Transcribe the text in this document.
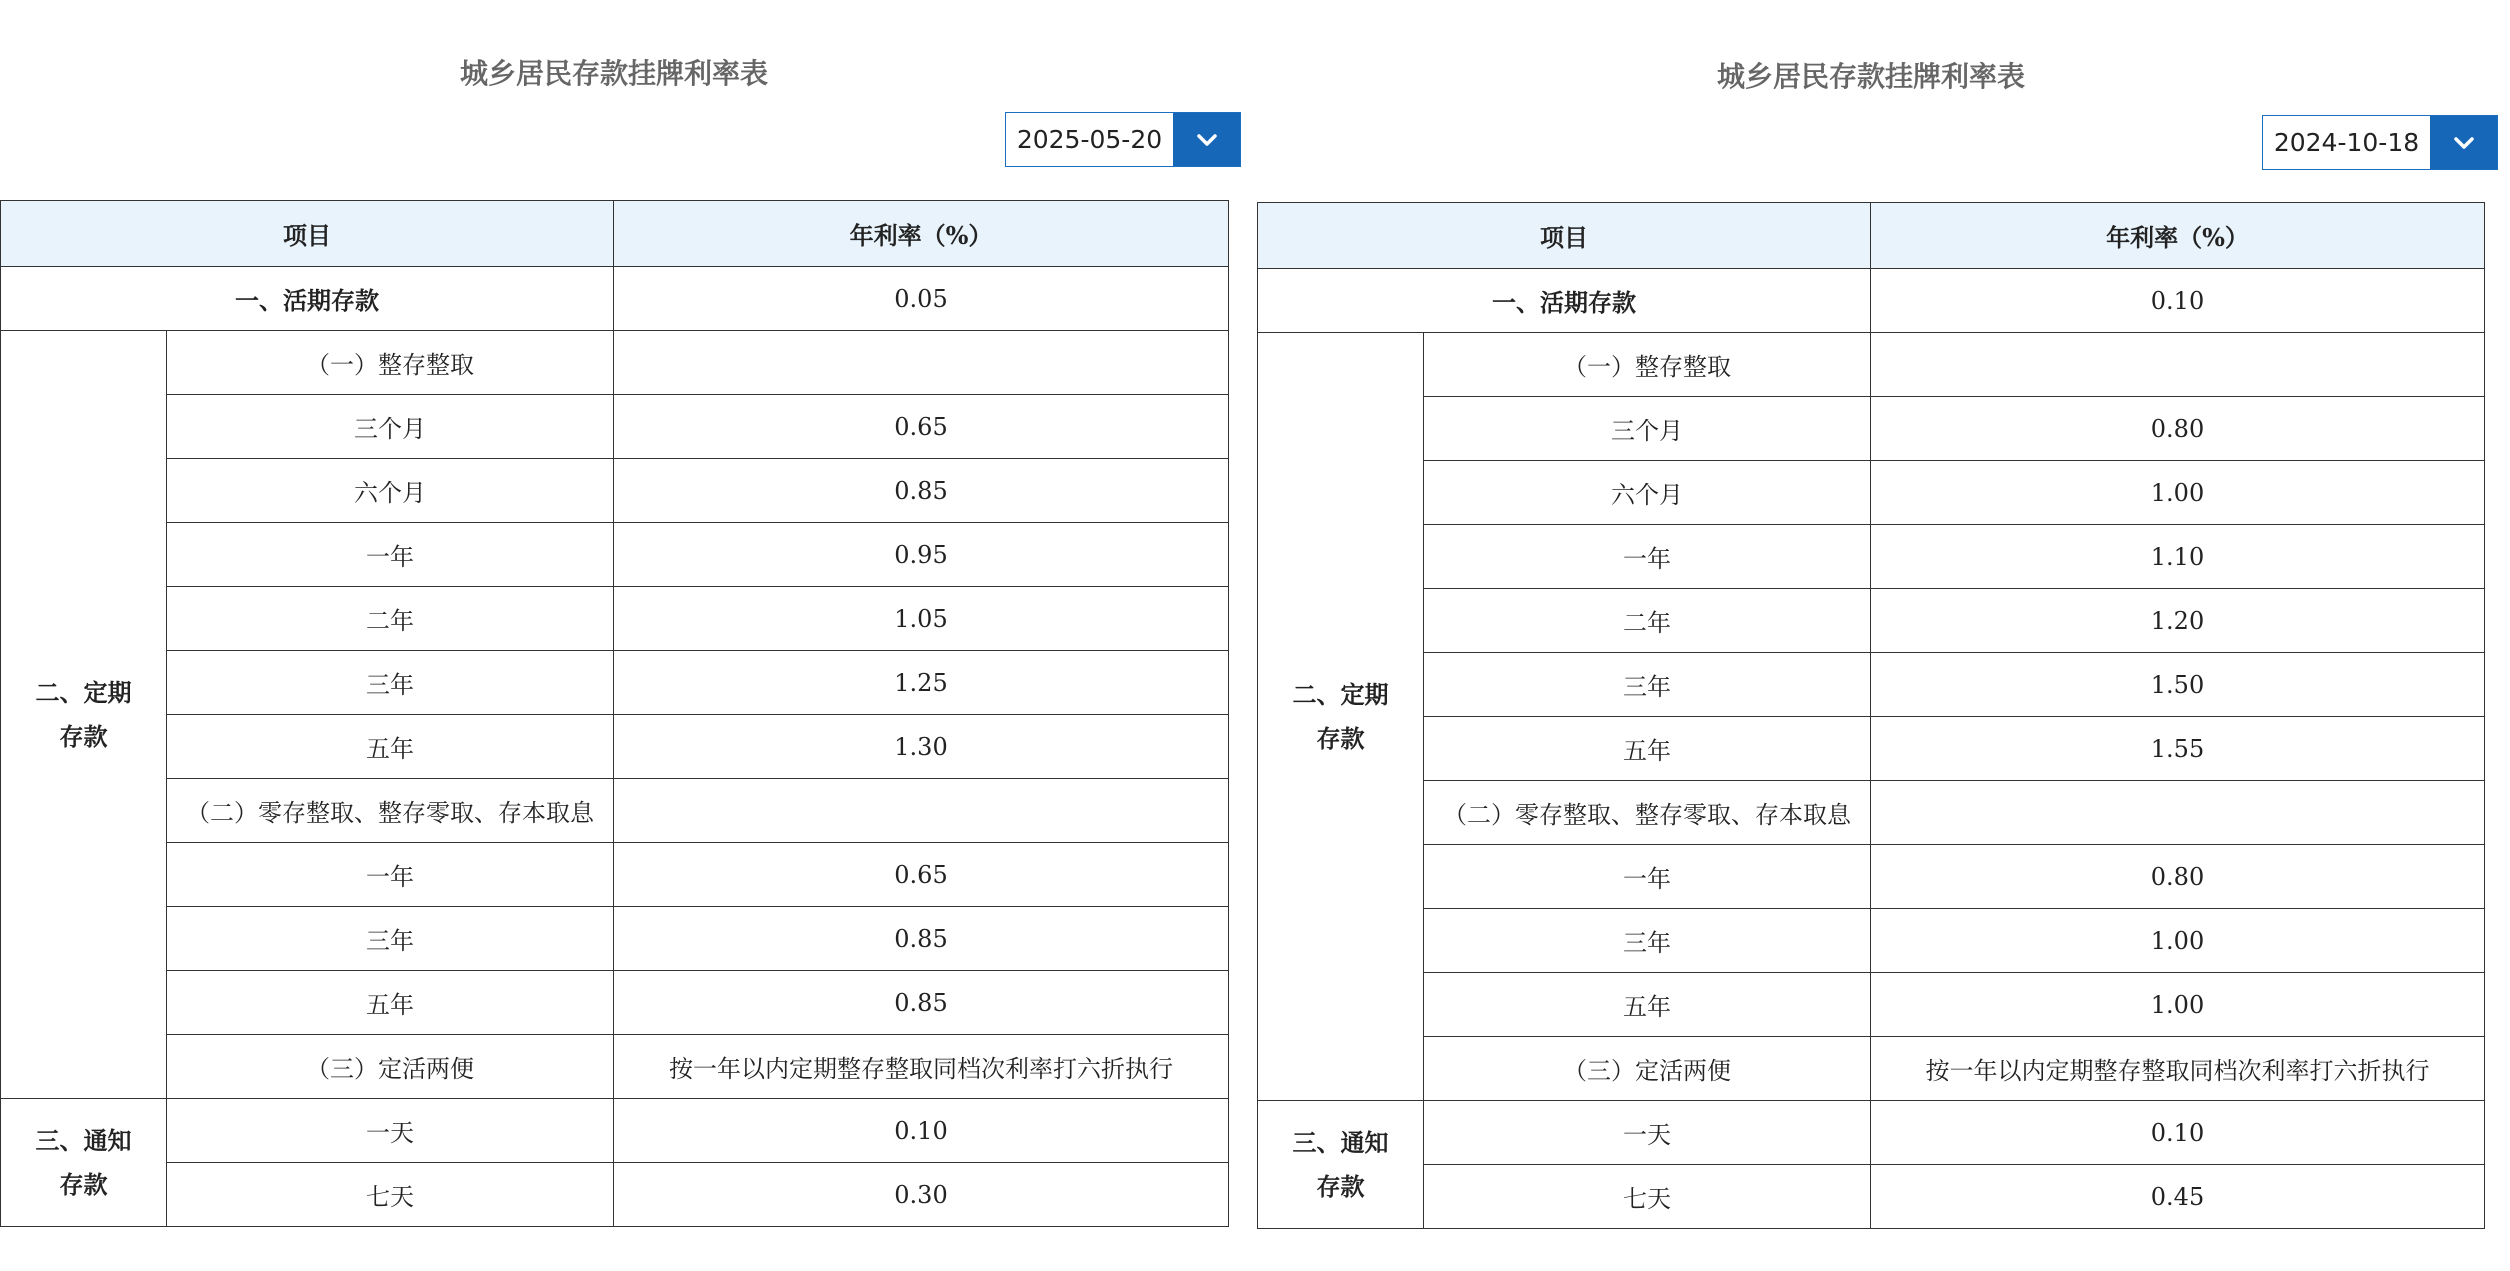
城乡居民存款挂牌利率表
2025-05-20
项目		年利率（%）
一、活期存款		0.05

二、定期存款	（一）整存整取	
	三个月	0.65
	六个月	0.85
	一年	0.95
	二年	1.05
	三年	1.25
	五年	1.30
	（二）零存整取、整存零取、存本取息	
	一年	0.65
	三年	0.85
	五年	0.85
	（三）定活两便	按一年以内定期整存整取同档次利率打六折执行

三、通知存款	一天	0.10
	七天	0.30
城乡居民存款挂牌利率表
2024-10-18
项目		年利率（%）
一、活期存款		0.10

二、定期存款	（一）整存整取	
	三个月	0.80
	六个月	1.00
	一年	1.10
	二年	1.20
	三年	1.50
	五年	1.55
	（二）零存整取、整存零取、存本取息	
	一年	0.80
	三年	1.00
	五年	1.00
	（三）定活两便	按一年以内定期整存整取同档次利率打六折执行

三、通知存款	一天	0.10
	七天	0.45
